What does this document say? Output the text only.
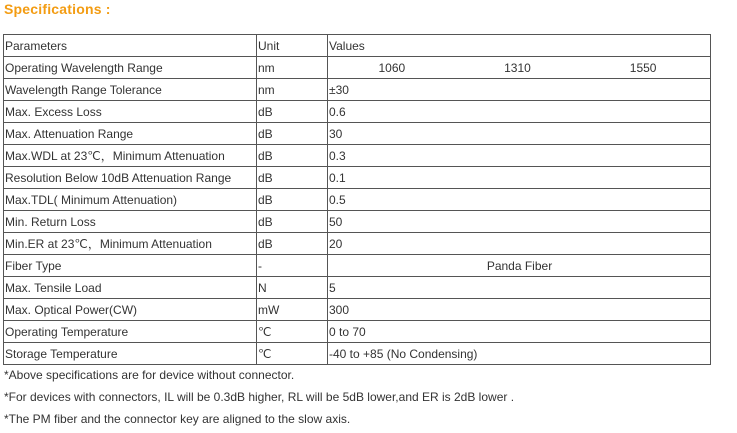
Specifications :
Parameters	Unit	Values
Operating Wavelength Range	nm	1060 1310 1550

Wavelength Range Tolerance	nm	±30
Max. Excess Loss	dB	0.6
Max. Attenuation Range	dB	30
Max.WDL at 23℃，Minimum Attenuation	dB	0.3
Resolution Below 10dB Attenuation Range	dB	0.1
Max.TDL( Minimum Attenuation)	dB	0.5
Min. Return Loss	dB	50
Min.ER at 23℃，Minimum Attenuation	dB	20
Fiber Type	-	Panda Fiber
Max. Tensile Load	N	5
Max. Optical Power(CW)	mW	300
Operating Temperature	℃	0 to 70
Storage Temperature	℃	-40 to +85 (No Condensing)
*Above specifications are for device without connector.
*For devices with connectors, IL will be 0.3dB higher, RL will be 5dB lower,and ER is 2dB lower .
*The PM fiber and the connector key are aligned to the slow axis.
